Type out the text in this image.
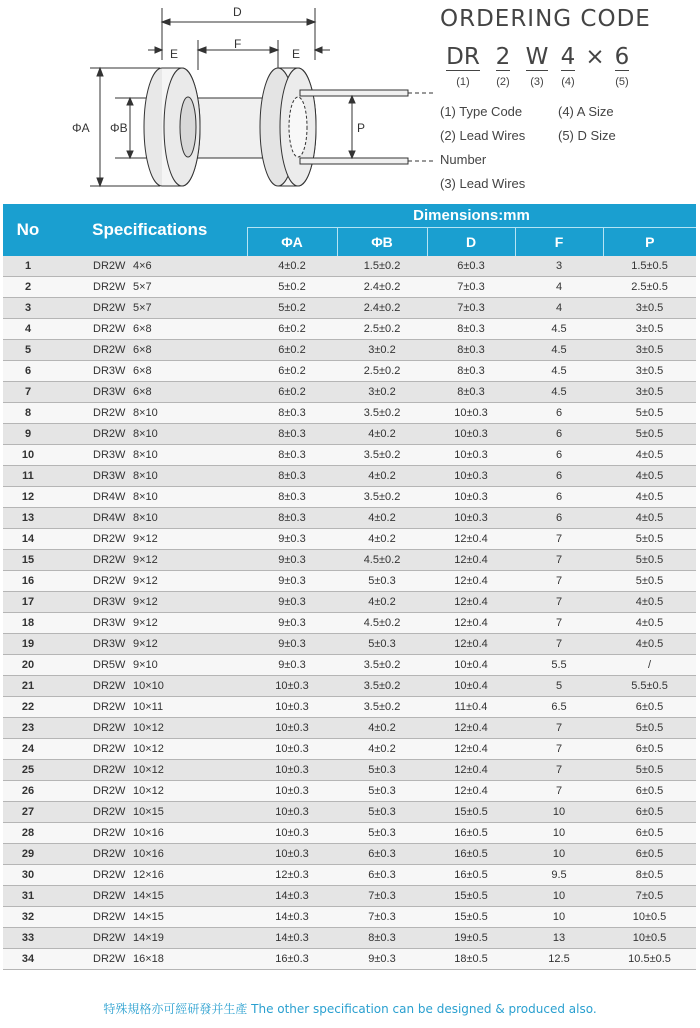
D
E
F
E
ΦA ΦB	P
ORDERING CODE
DR
(1)
2
(2)
W
(3)
4
(4)
× 6
(5)
(1) Type Code	(4) A Size
(2) Lead Wires Number
(5) D Size
(3) Lead Wires
No	Specifications	Dimensions:mm				
		ΦA	ΦB	D	F	P
1	DR2W 4×6	4±0.2	1.5±0.2	6±0.3	3	1.5±0.5
2	DR2W 5×7	5±0.2	2.4±0.2	7±0.3	4	2.5±0.5
3	DR2W 5×7	5±0.2	2.4±0.2	7±0.3	4	3±0.5
4	DR2W 6×8	6±0.2	2.5±0.2	8±0.3	4.5	3±0.5
5	DR2W 6×8	6±0.2	3±0.2	8±0.3	4.5	3±0.5
6	DR3W 6×8	6±0.2	2.5±0.2	8±0.3	4.5	3±0.5
7	DR3W 6×8	6±0.2	3±0.2	8±0.3	4.5	3±0.5
8	DR2W 8×10	8±0.3	3.5±0.2	10±0.3	6	5±0.5
9	DR2W 8×10	8±0.3	4±0.2	10±0.3	6	5±0.5
10	DR3W 8×10	8±0.3	3.5±0.2	10±0.3	6	4±0.5
11	DR3W 8×10	8±0.3	4±0.2	10±0.3	6	4±0.5
12	DR4W 8×10	8±0.3	3.5±0.2	10±0.3	6	4±0.5
13	DR4W 8×10	8±0.3	4±0.2	10±0.3	6	4±0.5
14	DR2W 9×12	9±0.3	4±0.2	12±0.4	7	5±0.5
15	DR2W 9×12	9±0.3	4.5±0.2	12±0.4	7	5±0.5
16	DR2W 9×12	9±0.3	5±0.3	12±0.4	7	5±0.5
17	DR3W 9×12	9±0.3	4±0.2	12±0.4	7	4±0.5
18	DR3W 9×12	9±0.3	4.5±0.2	12±0.4	7	4±0.5
19	DR3W 9×12	9±0.3	5±0.3	12±0.4	7	4±0.5
20	DR5W 9×10	9±0.3	3.5±0.2	10±0.4	5.5	/
21	DR2W 10×10	10±0.3	3.5±0.2	10±0.4	5	5.5±0.5
22	DR2W 10×11	10±0.3	3.5±0.2	11±0.4	6.5	6±0.5
23	DR2W 10×12	10±0.3	4±0.2	12±0.4	7	5±0.5
24	DR2W 10×12	10±0.3	4±0.2	12±0.4	7	6±0.5
25	DR2W 10×12	10±0.3	5±0.3	12±0.4	7	5±0.5
26	DR2W 10×12	10±0.3	5±0.3	12±0.4	7	6±0.5
27	DR2W 10×15	10±0.3	5±0.3	15±0.5	10	6±0.5
28	DR2W 10×16	10±0.3	5±0.3	16±0.5	10	6±0.5
29	DR2W 10×16	10±0.3	6±0.3	16±0.5	10	6±0.5
30	DR2W 12×16	12±0.3	6±0.3	16±0.5	9.5	8±0.5
31	DR2W 14×15	14±0.3	7±0.3	15±0.5	10	7±0.5
32	DR2W 14×15	14±0.3	7±0.3	15±0.5	10	10±0.5
33	DR2W 14×19	14±0.3	8±0.3	19±0.5	13	10±0.5
34	DR2W 16×18	16±0.3	9±0.3	18±0.5	12.5	10.5±0.5
特殊規格亦可經研發并生產 The other specification can be designed & produced also.
